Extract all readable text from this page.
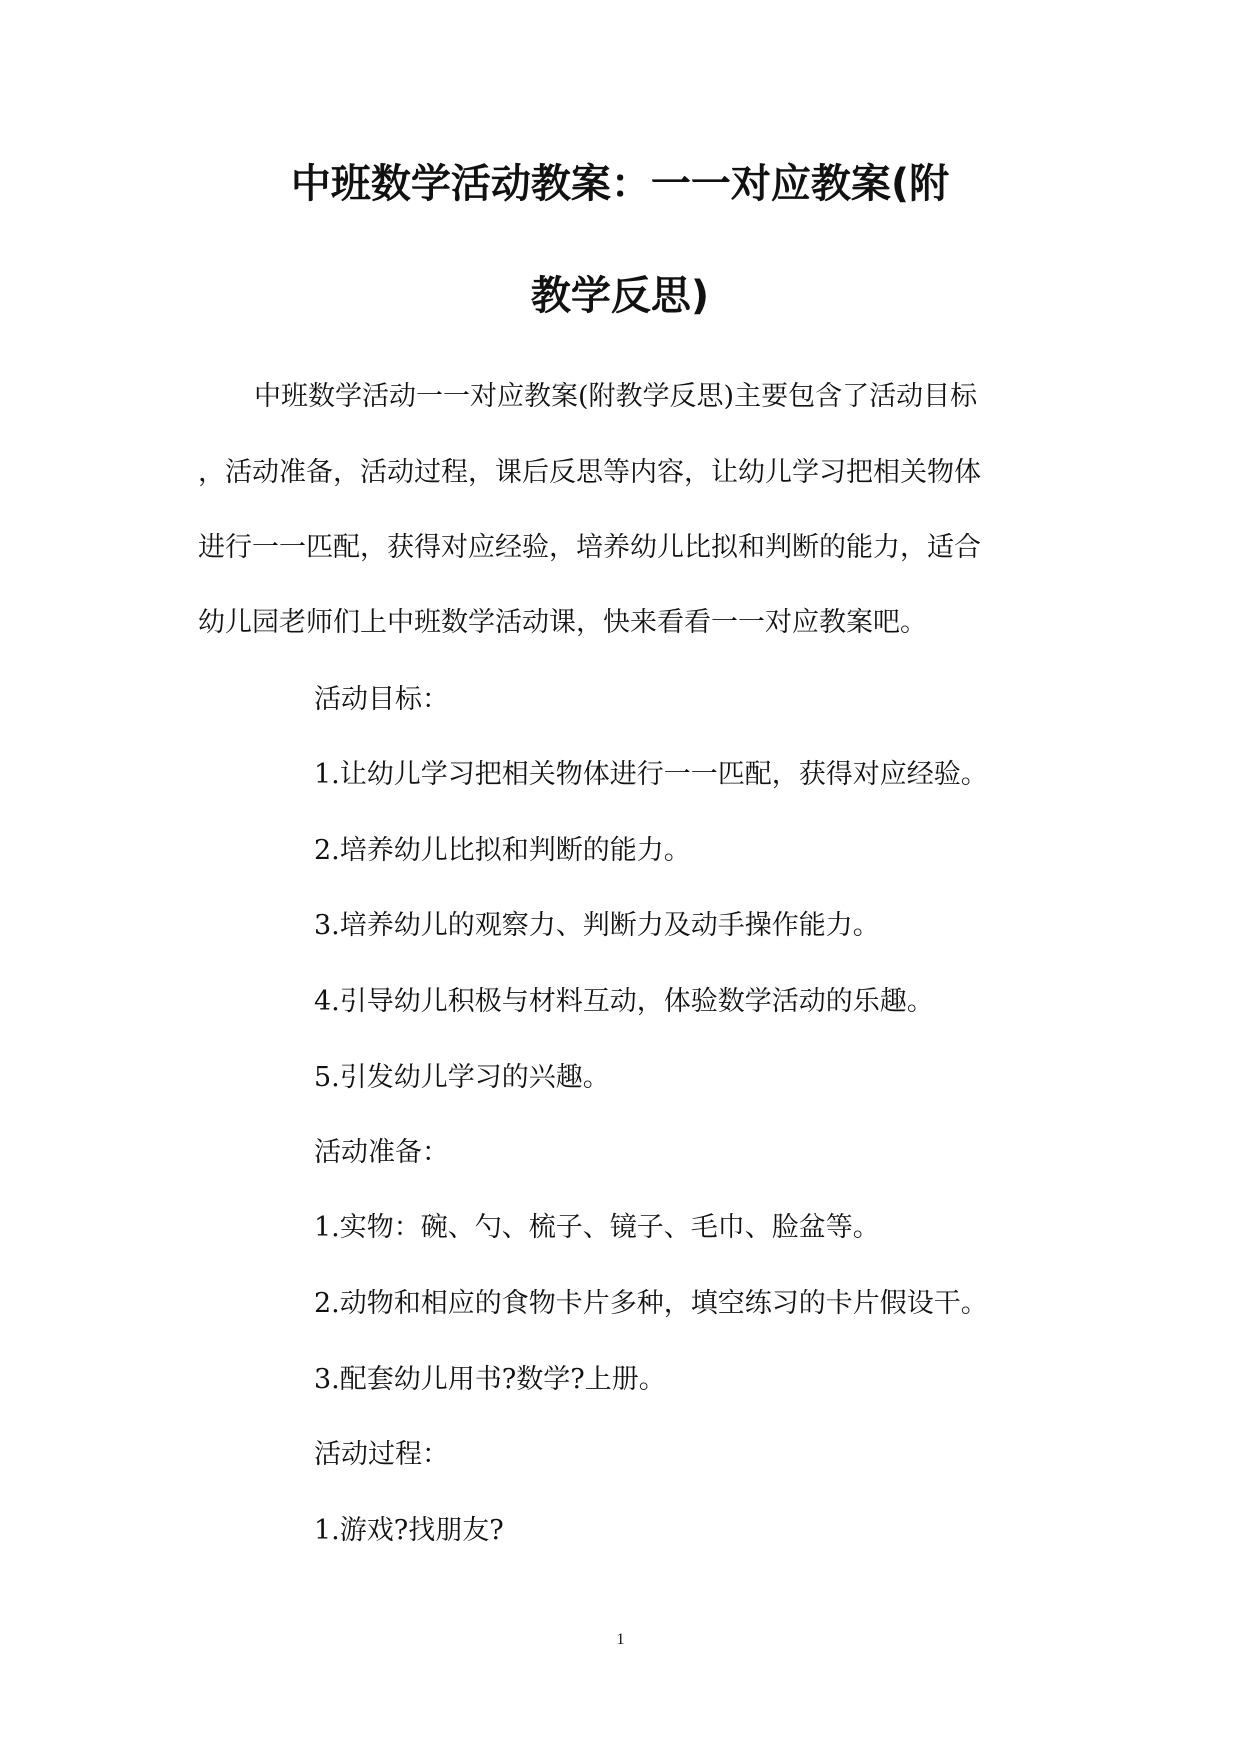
中班数学活动教案：一一对应教案(附
教学反思)
中班数学活动一一对应教案(附教学反思)主要包含了活动目标
，活动准备，活动过程，课后反思等内容，让幼儿学习把相关物体
进行一一匹配，获得对应经验，培养幼儿比拟和判断的能力，适合
幼儿园老师们上中班数学活动课，快来看看一一对应教案吧。
活动目标：
1.让幼儿学习把相关物体进行一一匹配，获得对应经验。
2.培养幼儿比拟和判断的能力。
3.培养幼儿的观察力、判断力及动手操作能力。
4.引导幼儿积极与材料互动，体验数学活动的乐趣。
5.引发幼儿学习的兴趣。
活动准备：
1.实物：碗、勺、梳子、镜子、毛巾、脸盆等。
2.动物和相应的食物卡片多种，填空练习的卡片假设干。
3.配套幼儿用书?数学?上册。
活动过程：
1.游戏?找朋友?
1
